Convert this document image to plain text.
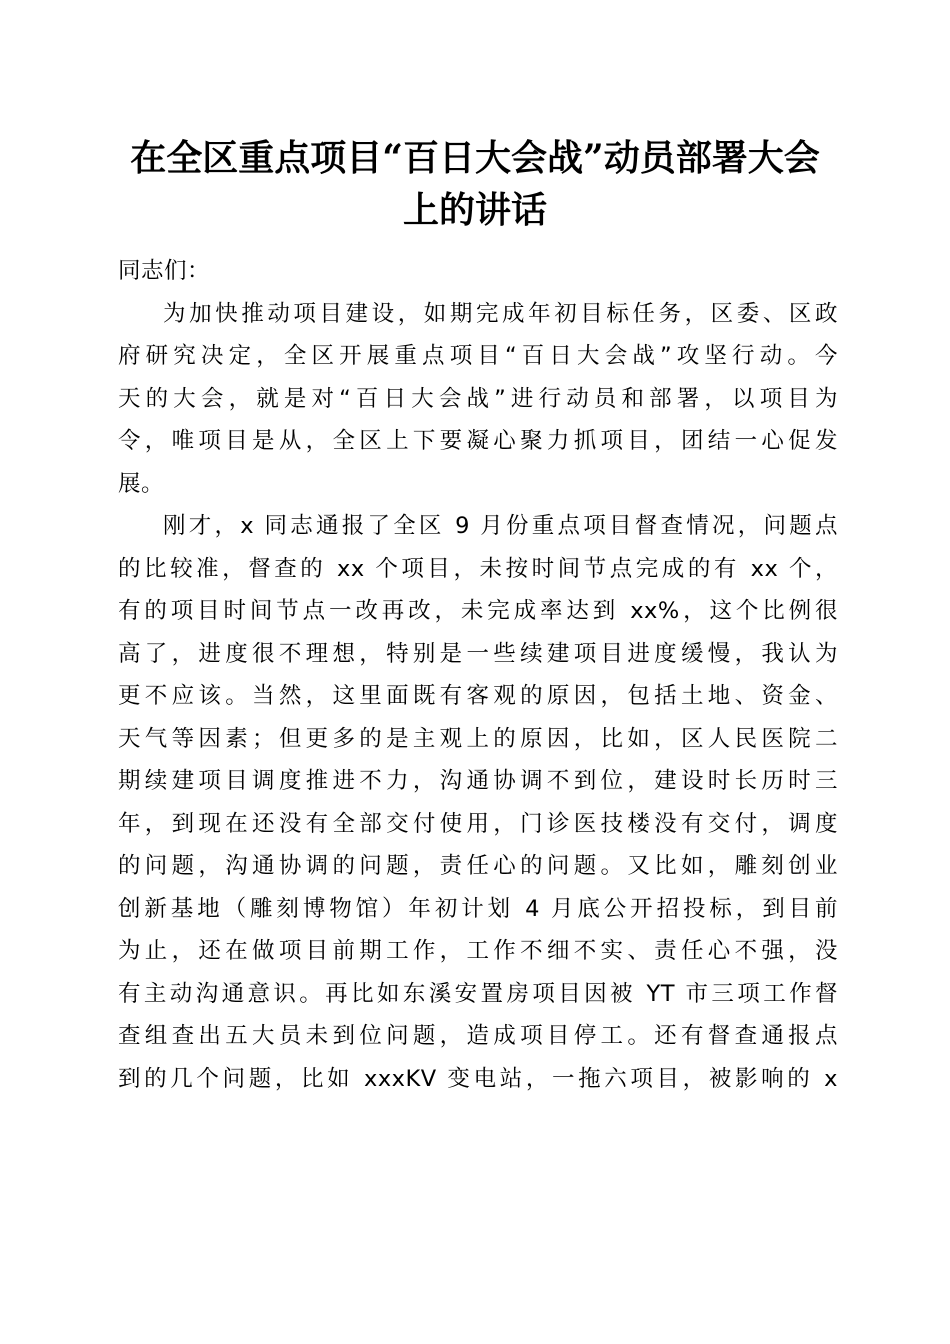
在全区重点项目“百日大会战”动员部署大会
上的讲话
同志们：
为加快推动项目建设，如期完成年初目标任务，区委、区政
府研究决定，全区开展重点项目“百日大会战”攻坚行动。今
天的大会，就是对“百日大会战”进行动员和部署，以项目为
令，唯项目是从，全区上下要凝心聚力抓项目，团结一心促发
展。
刚才，x 同志通报了全区 9 月份重点项目督查情况，问题点
的比较准，督查的 xx 个项目，未按时间节点完成的有 xx 个，
有的项目时间节点一改再改，未完成率达到 xx%，这个比例很
高了，进度很不理想，特别是一些续建项目进度缓慢，我认为
更不应该。当然，这里面既有客观的原因，包括土地、资金、
天气等因素；但更多的是主观上的原因，比如，区人民医院二
期续建项目调度推进不力，沟通协调不到位，建设时长历时三
年，到现在还没有全部交付使用，门诊医技楼没有交付，调度
的问题，沟通协调的问题，责任心的问题。又比如，雕刻创业
创新基地（雕刻博物馆）年初计划 4 月底公开招投标，到目前
为止，还在做项目前期工作，工作不细不实、责任心不强，没
有主动沟通意识。再比如东溪安置房项目因被 YT 市三项工作督
查组查出五大员未到位问题，造成项目停工。还有督查通报点
到的几个问题，比如 xxxKV 变电站，一拖六项目，被影响的 x
